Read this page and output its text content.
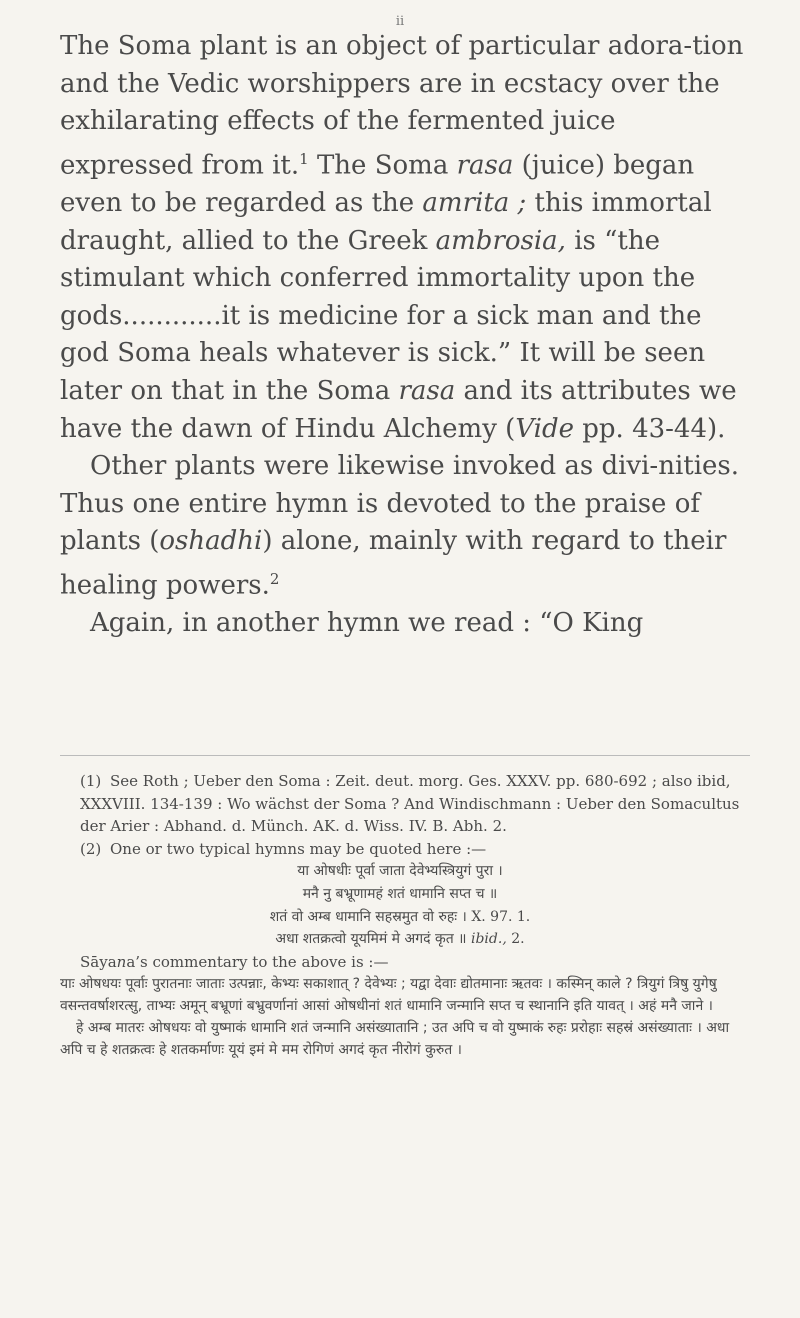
ii

The Soma plant is an object of particular adora-tion and the Vedic worshippers are in ecstacy over the exhilarating effects of the fermented juice expressed from it.$^1$ The Soma rasa (juice) began even to be regarded as the amrita ; this immortal draught, allied to the Greek ambrosia, is “the stimulant which conferred immortality upon the gods............it is medicine for a sick man and the god Soma heals whatever is sick.” It will be seen later on that in the Soma rasa and its attributes we have the dawn of Hindu Alchemy (Vide pp. 43-44).

Other plants were likewise invoked as divi-nities. Thus one entire hymn is devoted to the praise of plants (oshadhi) alone, mainly with regard to their healing powers.$^2$

Again, in another hymn we read : “O King

(1) See Roth ; Ueber den Soma : Zeit. deut. morg. Ges. XXXV. pp. 680-692 ; also ibid, XXXVIII. 134-139 : Wo wächst der Soma ? And Windischmann : Ueber den Somacultus der Arier : Abhand. d. Münch. AK. d. Wiss. IV. B. Abh. 2.

(2) One or two typical hymns may be quoted here :—

या ओषधीः पूर्वा जाता देवेभ्यस्त्रियुगं पुरा ।
मनै नु बभ्रूणामहं शतं धामानि सप्त च ॥
शतं वो अम्ब धामानि सहस्रमुत वो रुहः । X. 97. 1.
अधा शतक्रत्वो यूयमिमं मे अगदं कृत ॥ ibid., 2.

Sāyana’s commentary to the above is :—

याः ओषधयः पूर्वाः पुरातनाः जाताः उत्पन्नाः, केभ्यः सकाशात् ? देवेभ्यः ; यद्वा देवाः द्योतमानाः ऋतवः । कस्मिन् काले ? त्रियुगं त्रिषु युगेषु वसन्तवर्षाशरत्सु, ताभ्यः अमून् बभ्रूणां बभ्रुवर्णानां आसां ओषधीनां शतं धामानि जन्मानि सप्त च स्थानानि इति यावत् । अहं मनै जाने ।

हे अम्ब मातरः ओषधयः वो युष्माकं धामानि शतं जन्मानि असंख्यातानि ; उत अपि च वो युष्माकं रुहः प्ररोहाः सहस्रं असंख्याताः । अधा अपि च हे शतक्रत्वः हे शतकर्माणः यूयं इमं मे मम रोगिणं अगदं कृत नीरोगं कुरुत ।
